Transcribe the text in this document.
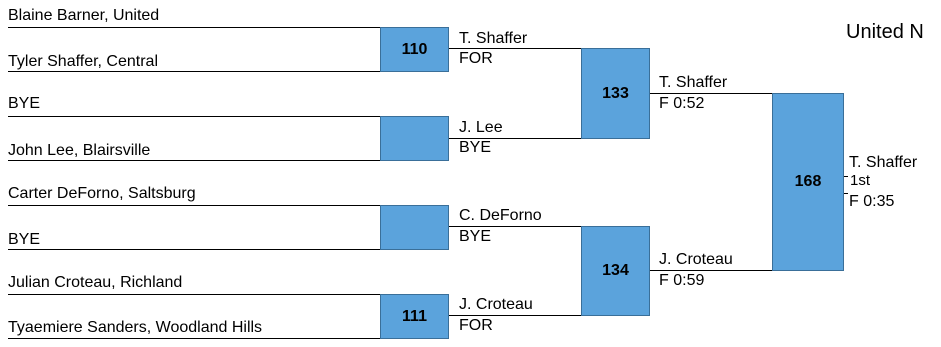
United N
Blaine Barner, United
Tyler Shaffer, Central
110
T. Shaffer
FOR
BYE
John Lee, Blairsville
J. Lee
BYE
Carter DeForno, Saltsburg
BYE
C. DeForno
BYE
Julian Croteau, Richland
Tyaemiere Sanders, Woodland Hills
111
J. Croteau
FOR
133
T. Shaffer
F 0:52
134
J. Croteau
F 0:59
168
T. Shaffer
1st
F 0:35
